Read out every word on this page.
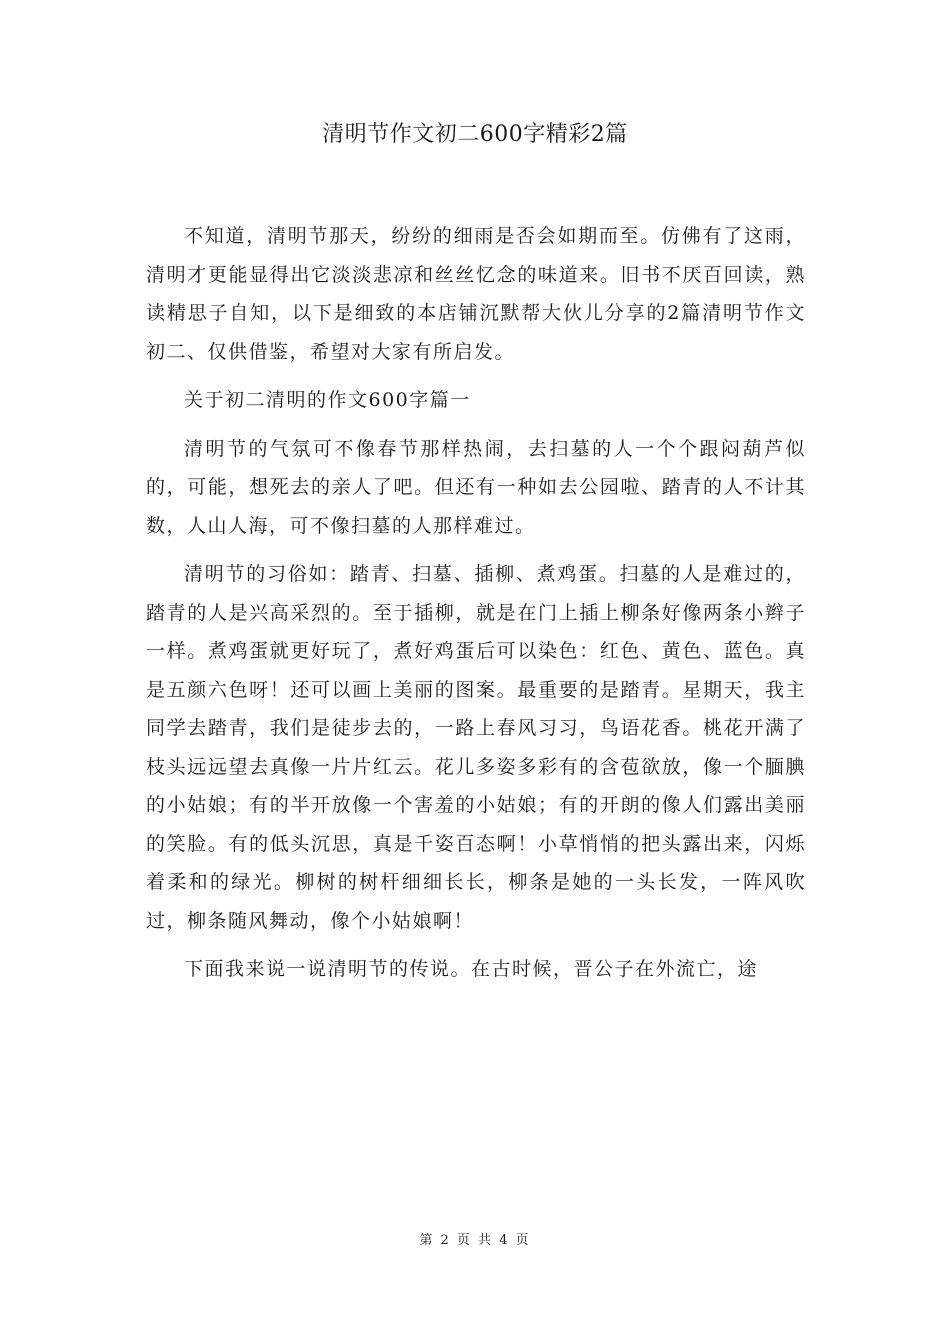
清明节作文初二600字精彩2篇

不知道，清明节那天，纷纷的细雨是否会如期而至。仿佛有了这雨，清明才更能显得出它淡淡悲凉和丝丝忆念的味道来。旧书不厌百回读，熟读精思子自知，以下是细致的本店铺沉默帮大伙儿分享的2篇清明节作文初二、仅供借鉴，希望对大家有所启发。

关于初二清明的作文600字篇一

清明节的气氛可不像春节那样热闹，去扫墓的人一个个跟闷葫芦似的，可能，想死去的亲人了吧。但还有一种如去公园啦、踏青的人不计其数，人山人海，可不像扫墓的人那样难过。

清明节的习俗如：踏青、扫墓、插柳、煮鸡蛋。扫墓的人是难过的，踏青的人是兴高采烈的。至于插柳，就是在门上插上柳条好像两条小辫子一样。煮鸡蛋就更好玩了，煮好鸡蛋后可以染色：红色、黄色、蓝色。真是五颜六色呀！还可以画上美丽的图案。最重要的是踏青。星期天，我主同学去踏青，我们是徒步去的，一路上春风习习，鸟语花香。桃花开满了枝头远远望去真像一片片红云。花儿多姿多彩有的含苞欲放，像一个腼腆的小姑娘；有的半开放像一个害羞的小姑娘；有的开朗的像人们露出美丽的笑脸。有的低头沉思，真是千姿百态啊！小草悄悄的把头露出来，闪烁着柔和的绿光。柳树的树杆细细长长，柳条是她的一头长发，一阵风吹过，柳条随风舞动，像个小姑娘啊！

下面我来说一说清明节的传说。在古时候，晋公子在外流亡，途

第 2 页 共 4 页
